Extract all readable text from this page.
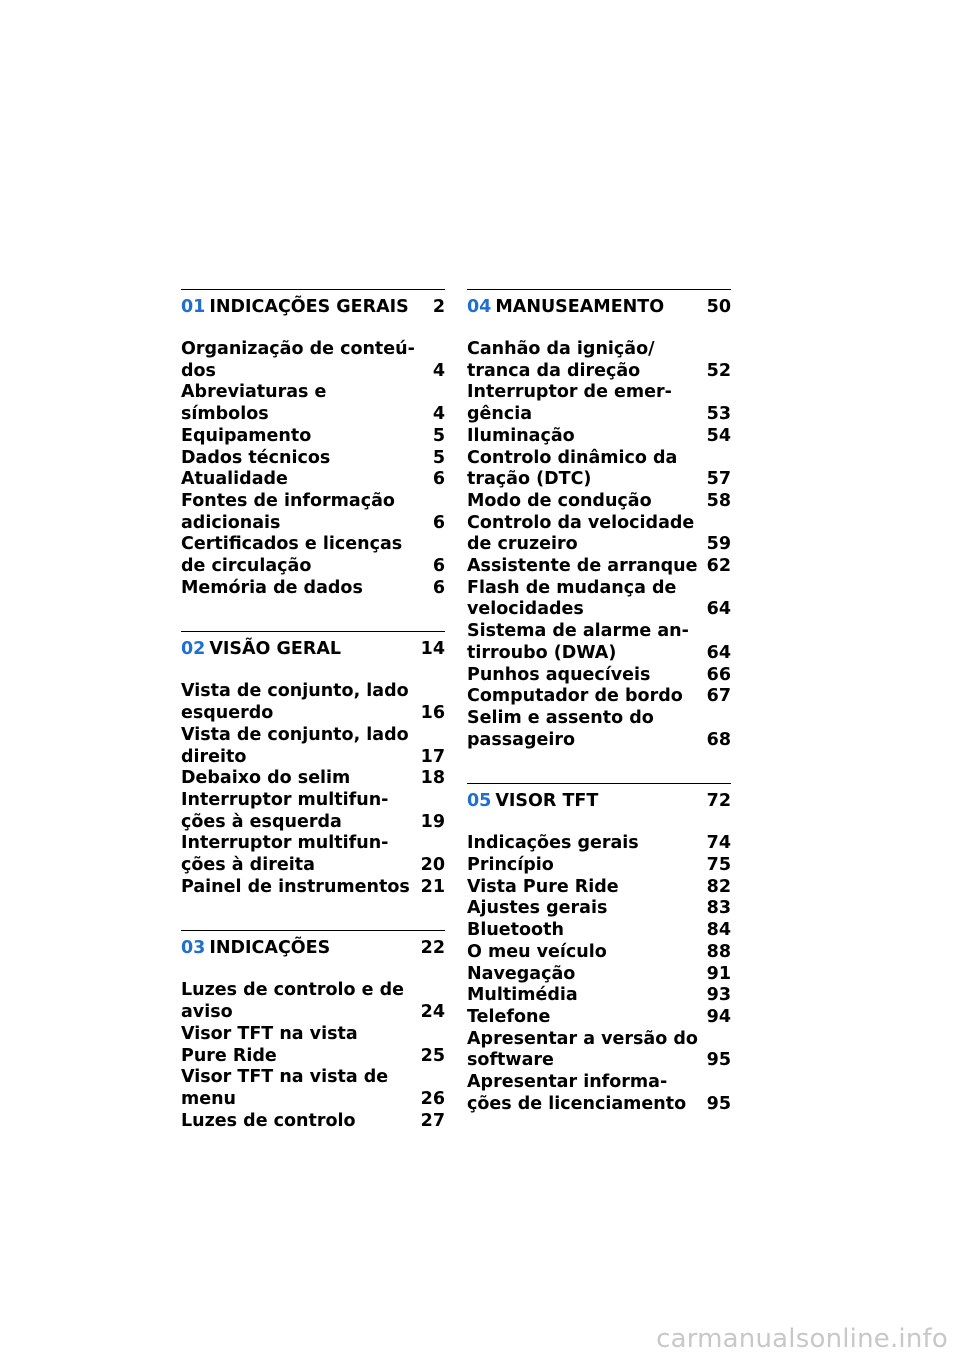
01 INDICAÇÕES GERAIS	2
Organização de conteú-
dos	4
Abreviaturas e símbolos	4
Equipamento	5
Dados técnicos	5
Atualidade	6
Fontes de informação
adicionais	6
Certificados e licenças
de circulação	6
Memória de dados	6
02 VISÃO GERAL	14
Vista de conjunto, lado
esquerdo	16
Vista de conjunto, lado
direito	17
Debaixo do selim	18
Interruptor multifun-
ções à esquerda	19
Interruptor multifun-
ções à direita	20
Painel de instrumentos 21
03 INDICAÇÕES	22
Luzes de controlo e de
aviso	24
Visor TFT na vista
Pure Ride	25
Visor TFT na vista de
menu	26
Luzes de controlo	27
04 MANUSEAMENTO	50
Canhão da ignição/
tranca da direção	52
Interruptor de emer-
gência	53
Iluminação	54
Controlo dinâmico da
tração (DTC)	57
Modo de condução	58
Controlo da velocidade
de cruzeiro	59
Assistente de arranque 62
Flash de mudança de
velocidades	64
Sistema de alarme an-
tirroubo (DWA)	64
Punhos aquecíveis	66
Computador de bordo	67
Selim e assento do
passageiro	68
05 VISOR TFT	72
Indicações gerais	74
Princípio	75
Vista Pure Ride	82
Ajustes gerais	83
Bluetooth	84
O meu veículo	88
Navegação	91
Multimédia	93
Telefone	94
Apresentar a versão do
software	95
Apresentar informa-
ções de licenciamento	95
carmanualsonline.info
